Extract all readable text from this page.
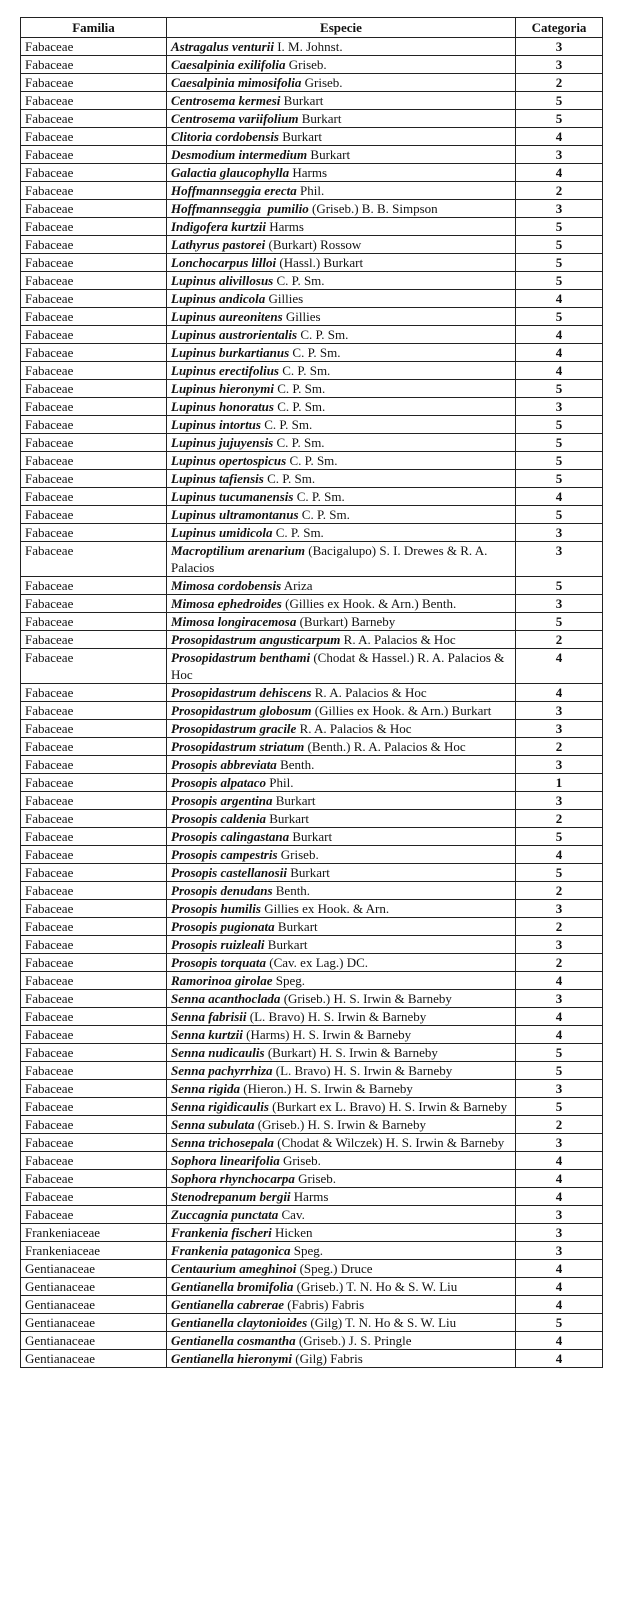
Familia	Especie	Categoria
Fabaceae	Astragalus venturii I. M. Johnst.	3
Fabaceae	Caesalpinia exilifolia Griseb.	3
Fabaceae	Caesalpinia mimosifolia Griseb.	2
Fabaceae	Centrosema kermesi Burkart	5
Fabaceae	Centrosema variifolium Burkart	5
Fabaceae	Clitoria cordobensis Burkart	4
Fabaceae	Desmodium intermedium Burkart	3
Fabaceae	Galactia glaucophylla Harms	4
Fabaceae	Hoffmannseggia erecta Phil.	2
Fabaceae	Hoffmannseggia  pumilio (Griseb.) B. B. Simpson	3
Fabaceae	Indigofera kurtzii Harms	5
Fabaceae	Lathyrus pastorei (Burkart) Rossow	5
Fabaceae	Lonchocarpus lilloi (Hassl.) Burkart	5
Fabaceae	Lupinus alivillosus C. P. Sm.	5
Fabaceae	Lupinus andicola Gillies	4
Fabaceae	Lupinus aureonitens Gillies	5
Fabaceae	Lupinus austrorientalis C. P. Sm.	4
Fabaceae	Lupinus burkartianus C. P. Sm.	4
Fabaceae	Lupinus erectifolius C. P. Sm.	4
Fabaceae	Lupinus hieronymi C. P. Sm.	5
Fabaceae	Lupinus honoratus C. P. Sm.	3
Fabaceae	Lupinus intortus C. P. Sm.	5
Fabaceae	Lupinus jujuyensis C. P. Sm.	5
Fabaceae	Lupinus opertospicus C. P. Sm.	5
Fabaceae	Lupinus tafiensis C. P. Sm.	5
Fabaceae	Lupinus tucumanensis C. P. Sm.	4
Fabaceae	Lupinus ultramontanus C. P. Sm.	5
Fabaceae	Lupinus umidicola C. P. Sm.	3
Fabaceae	Macroptilium arenarium (Bacigalupo) S. I. Drewes & R. A. Palacios	3
Fabaceae	Mimosa cordobensis Ariza	5
Fabaceae	Mimosa ephedroides (Gillies ex Hook. & Arn.) Benth.	3
Fabaceae	Mimosa longiracemosa (Burkart) Barneby	5
Fabaceae	Prosopidastrum angusticarpum R. A. Palacios & Hoc	2
Fabaceae	Prosopidastrum benthami (Chodat & Hassel.) R. A. Palacios & Hoc	4
Fabaceae	Prosopidastrum dehiscens R. A. Palacios & Hoc	4
Fabaceae	Prosopidastrum globosum (Gillies ex Hook. & Arn.) Burkart	3
Fabaceae	Prosopidastrum gracile R. A. Palacios & Hoc	3
Fabaceae	Prosopidastrum striatum (Benth.) R. A. Palacios & Hoc	2
Fabaceae	Prosopis abbreviata Benth.	3
Fabaceae	Prosopis alpataco Phil.	1
Fabaceae	Prosopis argentina Burkart	3
Fabaceae	Prosopis caldenia Burkart	2
Fabaceae	Prosopis calingastana Burkart	5
Fabaceae	Prosopis campestris Griseb.	4
Fabaceae	Prosopis castellanosii Burkart	5
Fabaceae	Prosopis denudans Benth.	2
Fabaceae	Prosopis humilis Gillies ex Hook. & Arn.	3
Fabaceae	Prosopis pugionata Burkart	2
Fabaceae	Prosopis ruizleali Burkart	3
Fabaceae	Prosopis torquata (Cav. ex Lag.) DC.	2
Fabaceae	Ramorinoa girolae Speg.	4
Fabaceae	Senna acanthoclada (Griseb.) H. S. Irwin & Barneby	3
Fabaceae	Senna fabrisii (L. Bravo) H. S. Irwin & Barneby	4
Fabaceae	Senna kurtzii (Harms) H. S. Irwin & Barneby	4
Fabaceae	Senna nudicaulis (Burkart) H. S. Irwin & Barneby	5
Fabaceae	Senna pachyrrhiza (L. Bravo) H. S. Irwin & Barneby	5
Fabaceae	Senna rigida (Hieron.) H. S. Irwin & Barneby	3
Fabaceae	Senna rigidicaulis (Burkart ex L. Bravo) H. S. Irwin & Barneby	5
Fabaceae	Senna subulata (Griseb.) H. S. Irwin & Barneby	2
Fabaceae	Senna trichosepala (Chodat & Wilczek) H. S. Irwin & Barneby	3
Fabaceae	Sophora linearifolia Griseb.	4
Fabaceae	Sophora rhynchocarpa Griseb.	4
Fabaceae	Stenodrepanum bergii Harms	4
Fabaceae	Zuccagnia punctata Cav.	3
Frankeniaceae	Frankenia fischeri Hicken	3
Frankeniaceae	Frankenia patagonica Speg.	3
Gentianaceae	Centaurium ameghinoi (Speg.) Druce	4
Gentianaceae	Gentianella bromifolia (Griseb.) T. N. Ho & S. W. Liu	4
Gentianaceae	Gentianella cabrerae (Fabris) Fabris	4
Gentianaceae	Gentianella claytonioides (Gilg) T. N. Ho & S. W. Liu	5
Gentianaceae	Gentianella cosmantha (Griseb.) J. S. Pringle	4
Gentianaceae	Gentianella hieronymi (Gilg) Fabris	4
